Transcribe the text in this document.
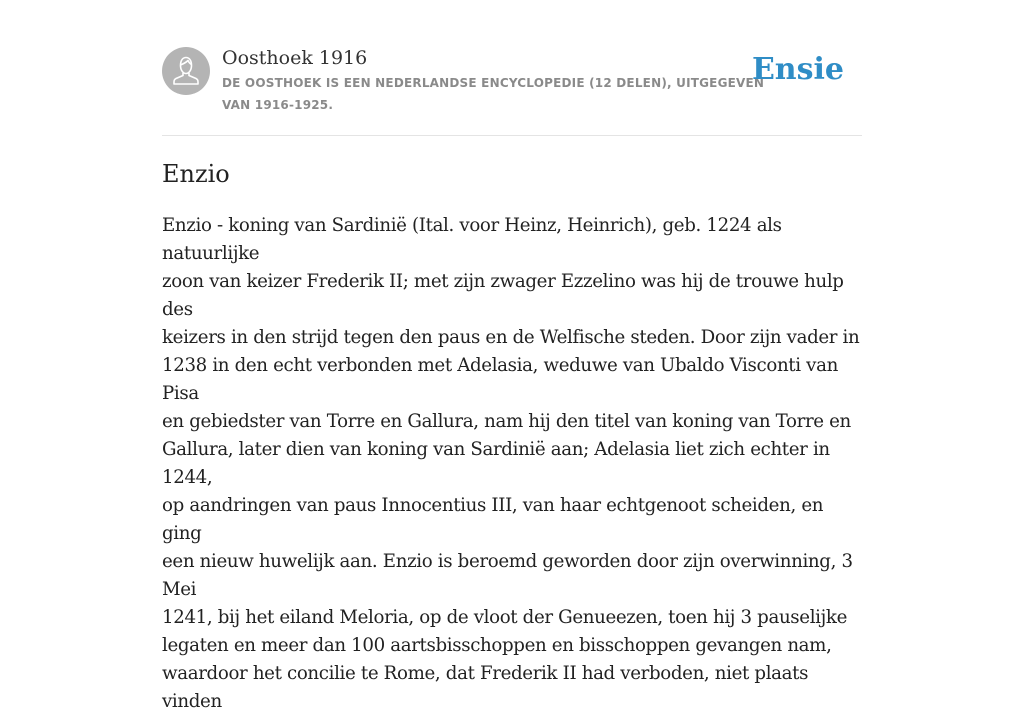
Oosthoek 1916
DE OOSTHOEK IS EEN NEDERLANDSE ENCYCLOPEDIE (12 DELEN), UITGEGEVEN VAN 1916-1925.
Ensie
Enzio

Enzio - koning van Sardinië (Ital. voor Heinz, Heinrich), geb. 1224 als natuurlijke
zoon van keizer Frederik II; met zijn zwager Ezzelino was hij de trouwe hulp des
keizers in den strijd tegen den paus en de Welfische steden. Door zijn vader in
1238 in den echt verbonden met Adelasia, weduwe van Ubaldo Visconti van Pisa
en gebiedster van Torre en Gallura, nam hij den titel van koning van Torre en
Gallura, later dien van koning van Sardinië aan; Adelasia liet zich echter in 1244,
op aandringen van paus Innocentius III, van haar echtgenoot scheiden, en ging
een nieuw huwelijk aan. Enzio is beroemd geworden door zijn overwinning, 3 Mei
1241, bij het eiland Meloria, op de vloot der Genueezen, toen hij 3 pauselijke
legaten en meer dan 100 aartsbisschoppen en bisschoppen gevangen nam,
waardoor het concilie te Rome, dat Frederik II had verboden, niet plaats vinden
